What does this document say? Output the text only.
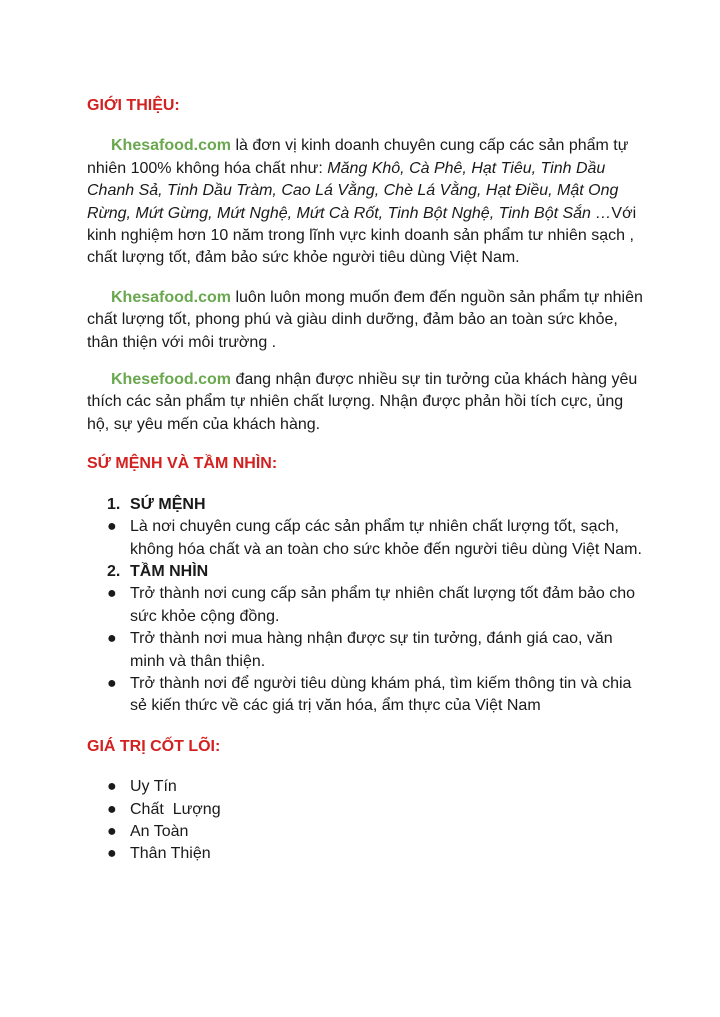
GIỚI THIỆU:

Khesafood.com là đơn vị kinh doanh chuyên cung cấp các sản phẩm tự nhiên 100% không hóa chất như: Măng Khô, Cà Phê, Hạt Tiêu, Tinh Dầu Chanh Sả, Tinh Dầu Tràm, Cao Lá Vằng, Chè Lá Vằng, Hạt Điều, Mật Ong Rừng, Mứt Gừng, Mứt Nghệ, Mứt Cà Rốt, Tinh Bột Nghệ, Tinh Bột Sắn …Với kinh nghiệm hơn 10 năm trong lĩnh vực kinh doanh sản phẩm tư nhiên sạch , chất lượng tốt, đảm bảo sức khỏe người tiêu dùng Việt Nam.

Khesafood.com luôn luôn mong muốn đem đến nguồn sản phẩm tự nhiên chất lượng tốt, phong phú và giàu dinh dưỡng, đảm bảo an toàn sức khỏe, thân thiện với môi trường .

Khesefood.com đang nhận được nhiều sự tin tưởng của khách hàng yêu thích các sản phẩm tự nhiên chất lượng. Nhận được phản hồi tích cực, ủng hộ, sự yêu mến của khách hàng.

SỨ MỆNH VÀ TẦM NHÌN:

1. SỨ MỆNH
● Là nơi chuyên cung cấp các sản phẩm tự nhiên chất lượng tốt, sạch, không hóa chất và an toàn cho sức khỏe đến người tiêu dùng Việt Nam.
2. TẦM NHÌN
● Trở thành nơi cung cấp sản phẩm tự nhiên chất lượng tốt đảm bảo cho sức khỏe cộng đồng.
● Trở thành nơi mua hàng nhận được sự tin tưởng, đánh giá cao, văn minh và thân thiện.
● Trở thành nơi để người tiêu dùng khám phá, tìm kiếm thông tin và chia sẻ kiến thức về các giá trị văn hóa, ẩm thực của Việt Nam

GIÁ TRỊ CỐT LÕI:

● Uy Tín
● Chất  Lượng
● An Toàn
● Thân Thiện
